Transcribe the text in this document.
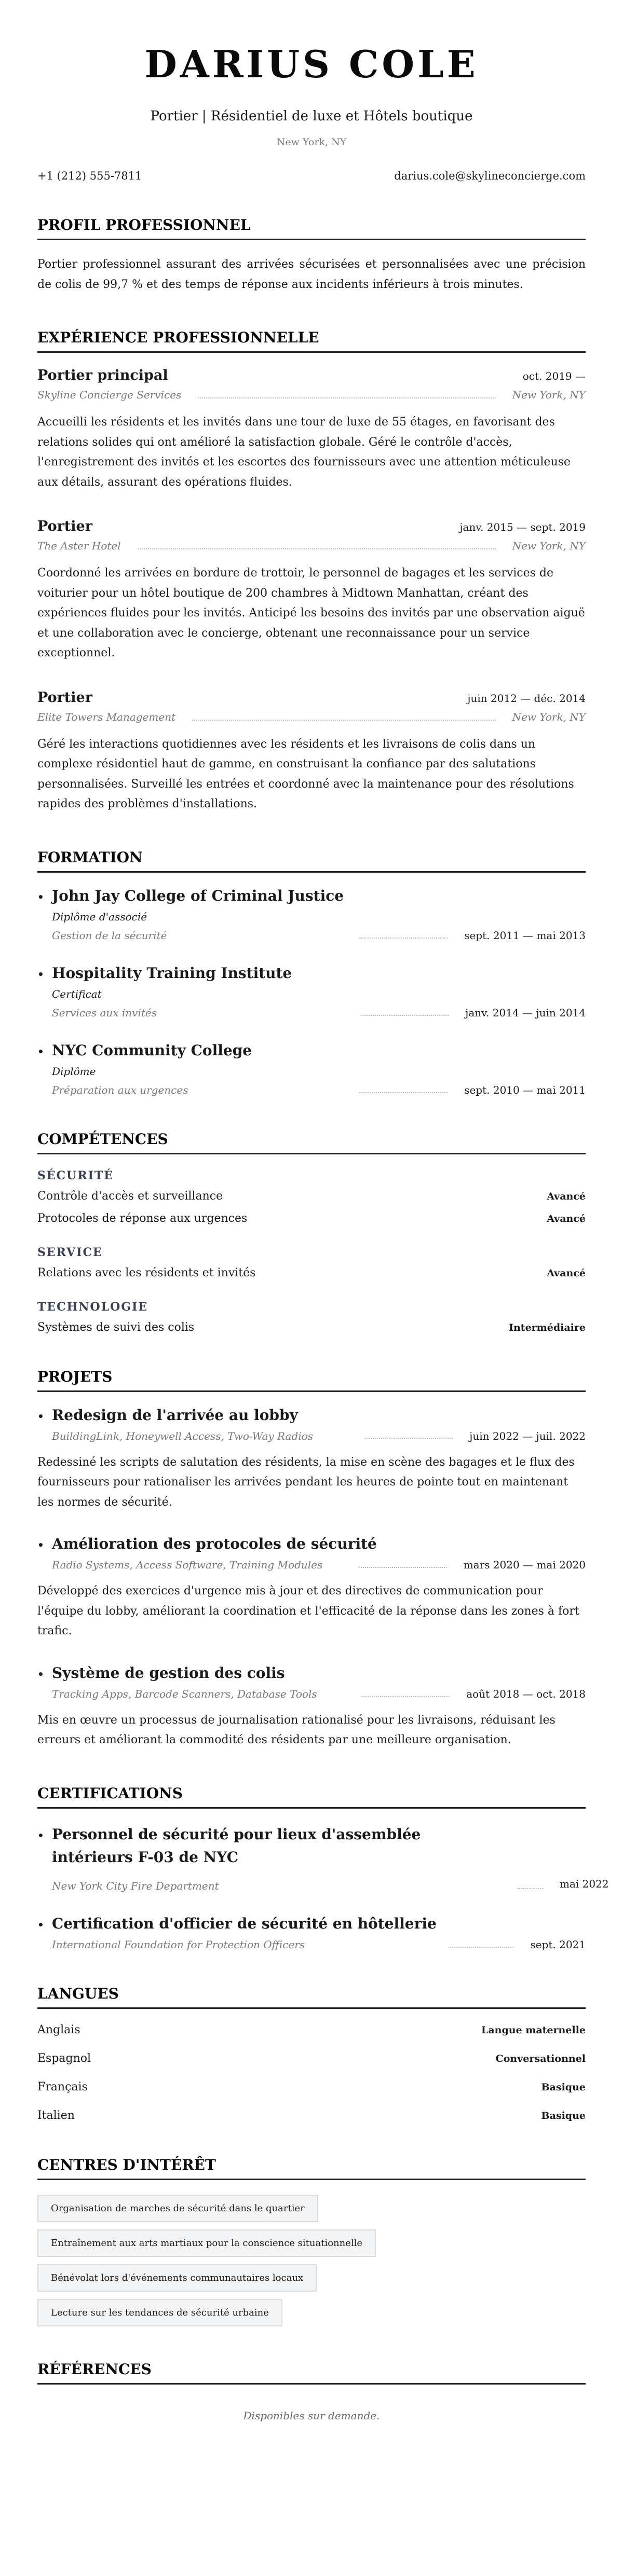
DARIUS COLE
Portier | Résidentiel de luxe et Hôtels boutique
New York, NY
+1 (212) 555-7811	darius.cole@skylineconcierge.com
PROFIL PROFESSIONNEL

Portier professionnel assurant des arrivées sécurisées et personnalisées avec une précision de colis de 99,7 % et des temps de réponse aux incidents inférieurs à trois minutes.

EXPÉRIENCE PROFESSIONNELLE
Portier principal	oct. 2019 —
Skyline Concierge Services	New York, NY

Accueilli les résidents et les invités dans une tour de luxe de 55 étages, en favorisant des relations solides qui ont amélioré la satisfaction globale. Géré le contrôle d'accès, l'enregistrement des invités et les escortes des fournisseurs avec une attention méticuleuse aux détails, assurant des opérations fluides.

Portier	janv. 2015 — sept. 2019
The Aster Hotel	New York, NY

Coordonné les arrivées en bordure de trottoir, le personnel de bagages et les services de voiturier pour un hôtel boutique de 200 chambres à Midtown Manhattan, créant des expériences fluides pour les invités. Anticipé les besoins des invités par une observation aiguë et une collaboration avec le concierge, obtenant une reconnaissance pour un service exceptionnel.

Portier	juin 2012 — déc. 2014
Elite Towers Management	New York, NY

Géré les interactions quotidiennes avec les résidents et les livraisons de colis dans un complexe résidentiel haut de gamme, en construisant la confiance par des salutations personnalisées. Surveillé les entrées et coordonné avec la maintenance pour des résolutions rapides des problèmes d'installations.

FORMATION
• John Jay College of Criminal Justice
Diplôme d'associé
Gestion de la sécurité	sept. 2011 — mai 2013
• Hospitality Training Institute
Certificat
Services aux invités	janv. 2014 — juin 2014
• NYC Community College
Diplôme
Préparation aux urgences	sept. 2010 — mai 2011
COMPÉTENCES
SÉCURITÉ
Contrôle d'accès et surveillance	Avancé
Protocoles de réponse aux urgences	Avancé
SERVICE
Relations avec les résidents et invités	Avancé
TECHNOLOGIE
Systèmes de suivi des colis	Intermédiaire
PROJETS
• Redesign de l'arrivée au lobby
BuildingLink, Honeywell Access, Two-Way Radios	juin 2022 — juil. 2022

Redessiné les scripts de salutation des résidents, la mise en scène des bagages et le flux des fournisseurs pour rationaliser les arrivées pendant les heures de pointe tout en maintenant les normes de sécurité.

• Amélioration des protocoles de sécurité
Radio Systems, Access Software, Training Modules	mars 2020 — mai 2020

Développé des exercices d'urgence mis à jour et des directives de communication pour l'équipe du lobby, améliorant la coordination et l'efficacité de la réponse dans les zones à fort trafic.

• Système de gestion des colis
Tracking Apps, Barcode Scanners, Database Tools	août 2018 — oct. 2018

Mis en œuvre un processus de journalisation rationalisé pour les livraisons, réduisant les erreurs et améliorant la commodité des résidents par une meilleure organisation.

CERTIFICATIONS
• Personnel de sécurité pour lieux d'assemblée intérieurs F-03 de NYC
New York City Fire Department	mai 2022
• Certification d'officier de sécurité en hôtellerie
International Foundation for Protection Officers	sept. 2021
LANGUES
Anglais	Langue maternelle
Espagnol	Conversationnel
Français	Basique
Italien	Basique
CENTRES D'INTÉRÊT
Organisation de marches de sécurité dans le quartier
Entraînement aux arts martiaux pour la conscience situationnelle
Bénévolat lors d'événements communautaires locaux
Lecture sur les tendances de sécurité urbaine
RÉFÉRENCES

Disponibles sur demande.
